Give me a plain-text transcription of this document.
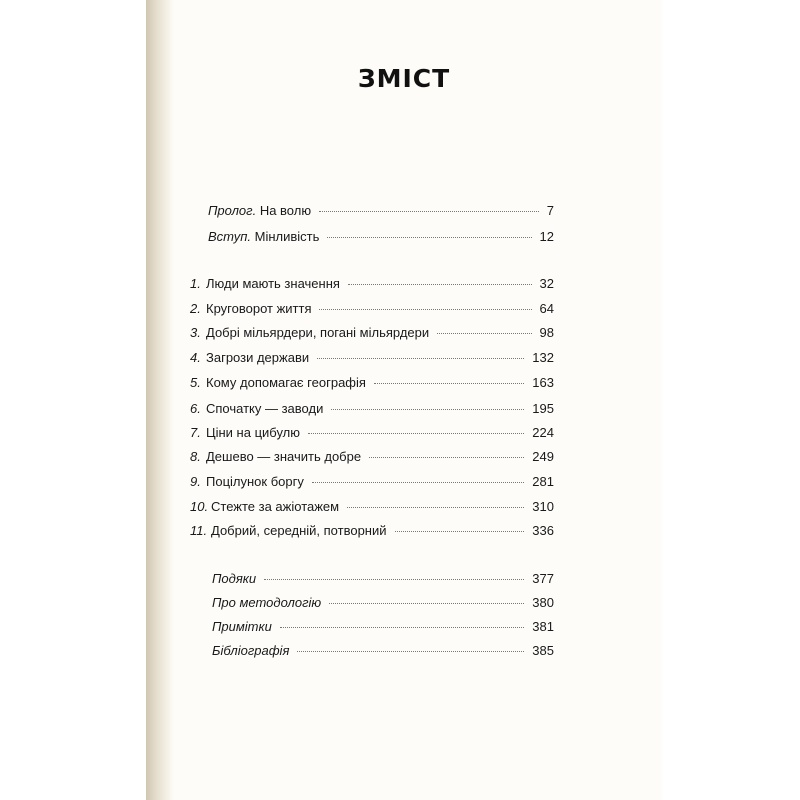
ЗМІСТ
Пролог. На волю	7
Вступ. Мінливість	12
1. Люди мають значення	32
2. Круговорот життя	64
3. Добрі мільярдери, погані мільярдери	98
4. Загрози держави	132
5. Кому допомагає географія	163
6. Спочатку — заводи	195
7. Ціни на цибулю	224
8. Дешево — значить добре	249
9. Поцілунок боргу	281
10. Стежте за ажіотажем	310
11. Добрий, середній, потворний	336
Подяки	377
Про методологію	380
Примітки	381
Бібліографія	385
